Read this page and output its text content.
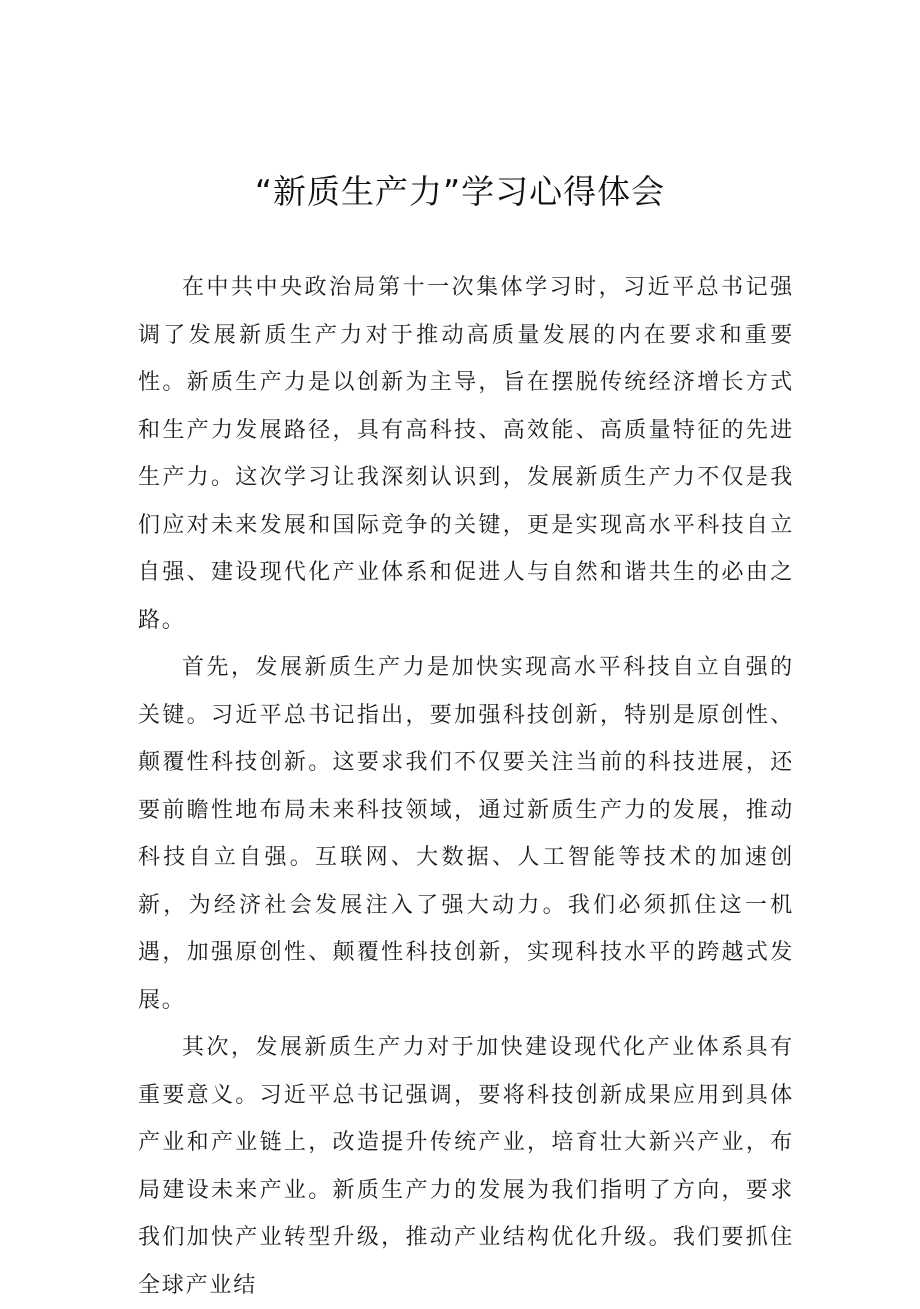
“新质生产力”学习心得体会

在中共中央政治局第十一次集体学习时，习近平总书记强调了发展新质生产力对于推动高质量发展的内在要求和重要性。新质生产力是以创新为主导，旨在摆脱传统经济增长方式和生产力发展路径，具有高科技、高效能、高质量特征的先进生产力。这次学习让我深刻认识到，发展新质生产力不仅是我们应对未来发展和国际竞争的关键，更是实现高水平科技自立自强、建设现代化产业体系和促进人与自然和谐共生的必由之路。

首先，发展新质生产力是加快实现高水平科技自立自强的关键。习近平总书记指出，要加强科技创新，特别是原创性、颠覆性科技创新。这要求我们不仅要关注当前的科技进展，还要前瞻性地布局未来科技领域，通过新质生产力的发展，推动科技自立自强。互联网、大数据、人工智能等技术的加速创新，为经济社会发展注入了强大动力。我们必须抓住这一机遇，加强原创性、颠覆性科技创新，实现科技水平的跨越式发展。

其次，发展新质生产力对于加快建设现代化产业体系具有重要意义。习近平总书记强调，要将科技创新成果应用到具体产业和产业链上，改造提升传统产业，培育壮大新兴产业，布局建设未来产业。新质生产力的发展为我们指明了方向，要求我们加快产业转型升级，推动产业结构优化升级。我们要抓住全球产业结
